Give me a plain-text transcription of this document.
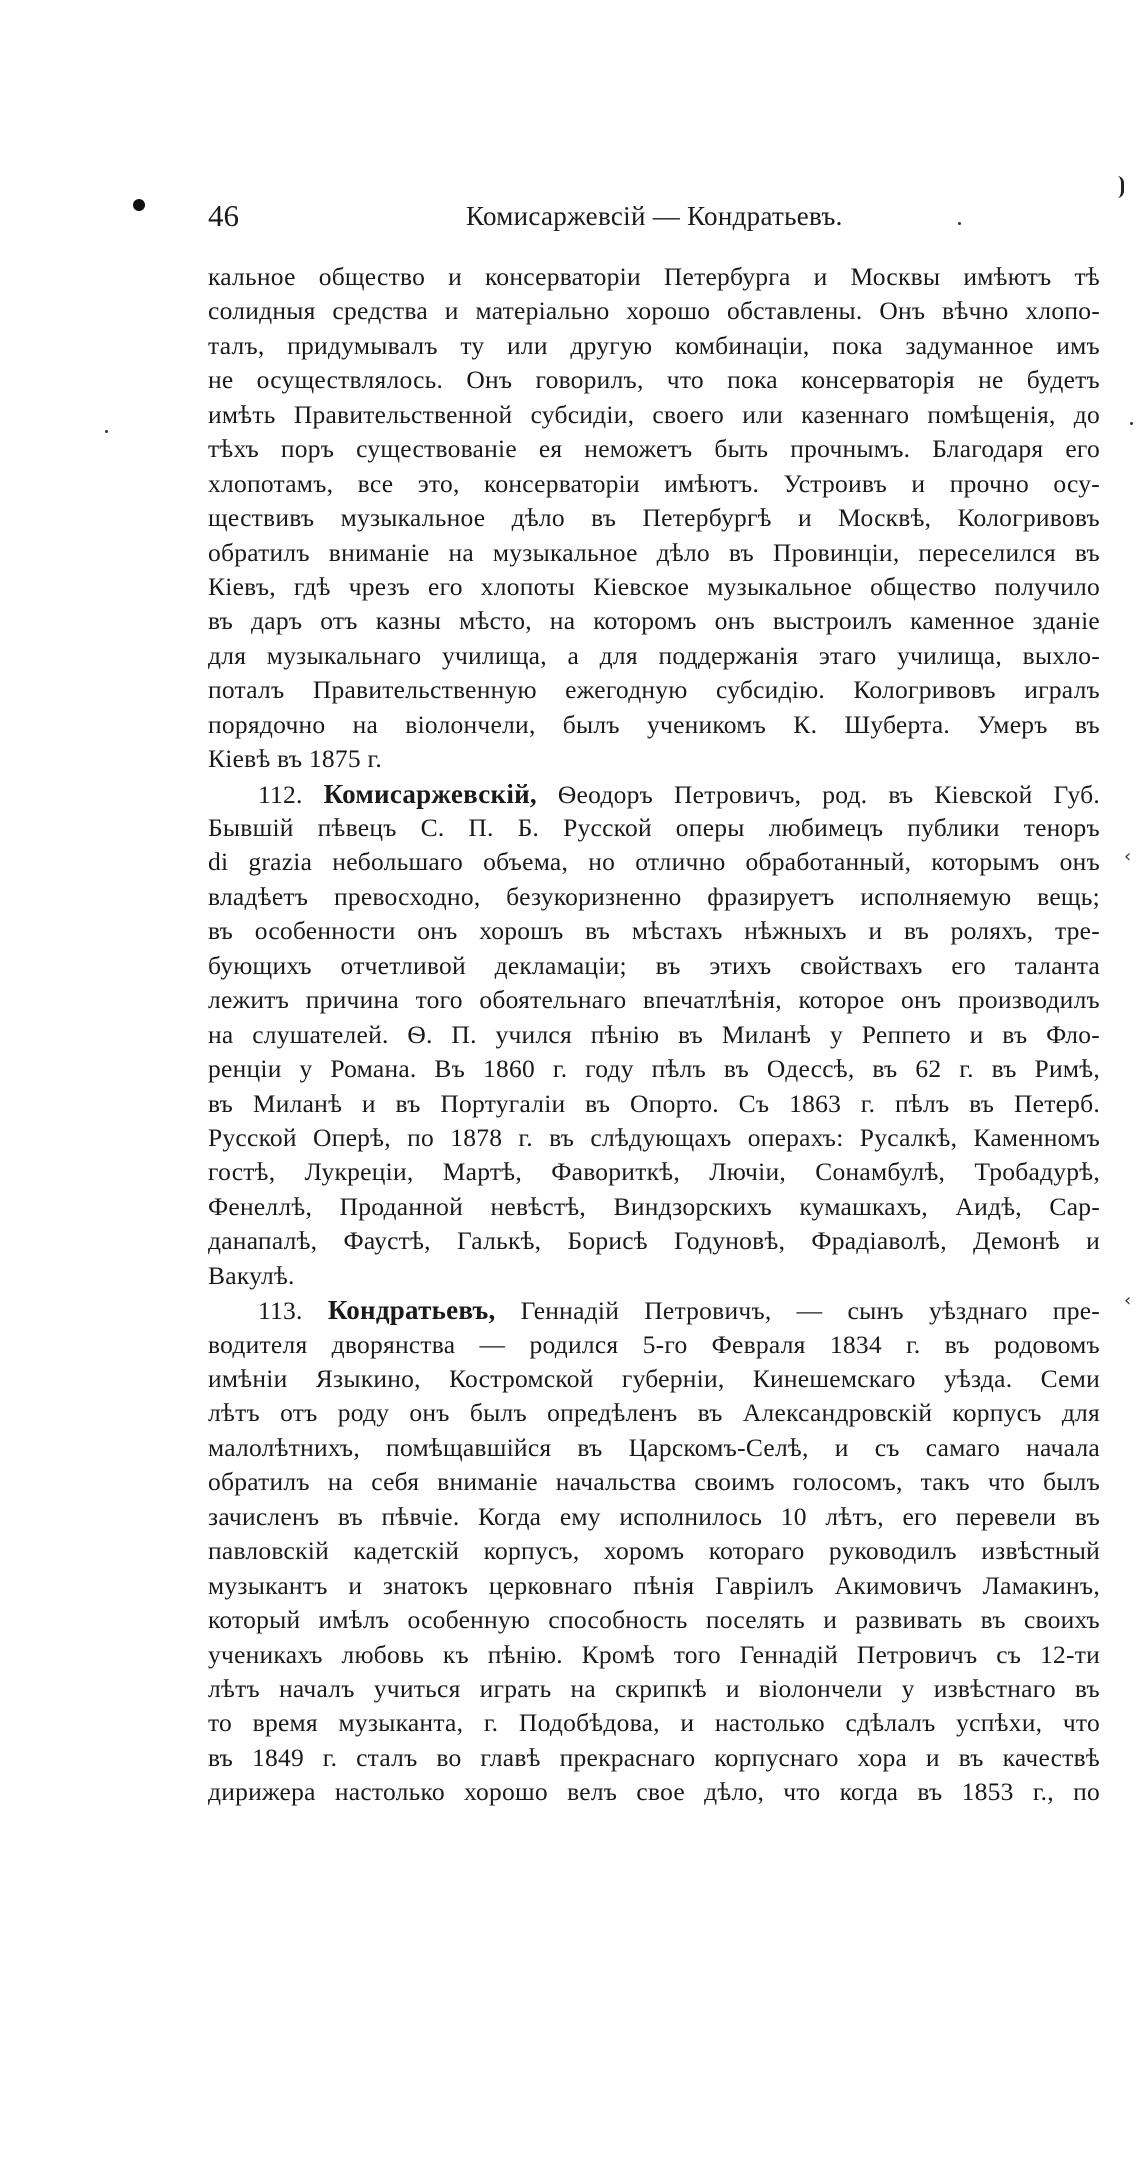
‹
‹
46	Комисаржевсій — Кондратьевъ.
кальное общество и консерваторіи Петербурга и Москвы имѣютъ тѣ
солидныя средства и матеріально хорошо обставлены. Онъ вѣчно хлопо-
талъ, придумывалъ ту или другую комбинаціи, пока задуманное имъ
не осуществлялось. Онъ говорилъ, что пока консерваторія не будетъ
имѣть Правительственной субсидіи, своего или казеннаго помѣщенія, до
тѣхъ поръ существованіе ея неможетъ быть прочнымъ. Благодаря его
хлопотамъ, все это, консерваторіи имѣютъ. Устроивъ и прочно осу-
ществивъ музыкальное дѣло въ Петербургѣ и Москвѣ, Кологривовъ
обратилъ вниманіе на музыкальное дѣло въ Провинціи, переселился въ
Кіевъ, гдѣ чрезъ его хлопоты Кіевское музыкальное общество получило
въ даръ отъ казны мѣсто, на которомъ онъ выстроилъ каменное зданіе
для музыкальнаго училища, а для поддержанія этаго училища, выхло-
поталъ Правительственную ежегодную субсидію. Кологривовъ игралъ
порядочно на віолончели, былъ ученикомъ К. Шуберта. Умеръ въ
Кіевѣ въ 1875 г.
112. Комисаржевскій, Ѳеодоръ Петровичъ, род. въ Кіевской Губ.
Бывшій пѣвецъ С. П. Б. Русской оперы любимецъ публики теноръ
di grazia небольшаго объема, но отлично обработанный, которымъ онъ
владѣетъ превосходно, безукоризненно фразируетъ исполняемую вещь;
въ особенности онъ хорошъ въ мѣстахъ нѣжныхъ и въ роляхъ, тре-
бующихъ отчетливой декламаціи; въ этихъ свойствахъ его таланта
лежитъ причина того обоятельнаго впечатлѣнія, которое онъ производилъ
на слушателей. Ѳ. П. учился пѣнію въ Миланѣ у Реппето и въ Фло-
ренціи у Романа. Въ 1860 г. году пѣлъ въ Одессѣ, въ 62 г. въ Римѣ,
въ Миланѣ и въ Португаліи въ Опорто. Съ 1863 г. пѣлъ въ Петерб.
Русской Оперѣ, по 1878 г. въ слѣдующахъ операхъ: Русалкѣ, Каменномъ
гостѣ, Лукреціи, Мартѣ, Фавориткѣ, Лючіи, Сонамбулѣ, Тробадурѣ,
Фенеллѣ, Проданной невѣстѣ, Виндзорскихъ кумашкахъ, Аидѣ, Сар-
данапалѣ, Фаустѣ, Галькѣ, Борисѣ Годуновѣ, Фрадіаволѣ, Демонѣ и
Вакулѣ.
113. Кондратьевъ, Геннадій Петровичъ, — сынъ уѣзднаго пре-
водителя дворянства — родился 5-го Февраля 1834 г. въ родовомъ
имѣніи Языкино, Костромской губерніи, Кинешемскаго уѣзда. Семи
лѣтъ отъ роду онъ былъ опредѣленъ въ Александровскій корпусъ для
малолѣтнихъ, помѣщавшійся въ Царскомъ-Селѣ, и съ самаго начала
обратилъ на себя вниманіе начальства своимъ голосомъ, такъ что былъ
зачисленъ въ пѣвчіе. Когда ему исполнилось 10 лѣтъ, его перевели въ
павловскій кадетскій корпусъ, хоромъ котораго руководилъ извѣстный
музыкантъ и знатокъ церковнаго пѣнія Гавріилъ Акимовичъ Ламакинъ,
который имѣлъ особенную способность поселять и развивать въ своихъ
ученикахъ любовь къ пѣнію. Кромѣ того Геннадій Петровичъ съ 12-ти
лѣтъ началъ учиться играть на скрипкѣ и віолончели у извѣстнаго въ
то время музыканта, г. Подобѣдова, и настолько сдѣлалъ успѣхи, что
въ 1849 г. сталъ во главѣ прекраснаго корпуснаго хора и въ качествѣ
дирижера настолько хорошо велъ свое дѣло, что когда въ 1853 г., по
